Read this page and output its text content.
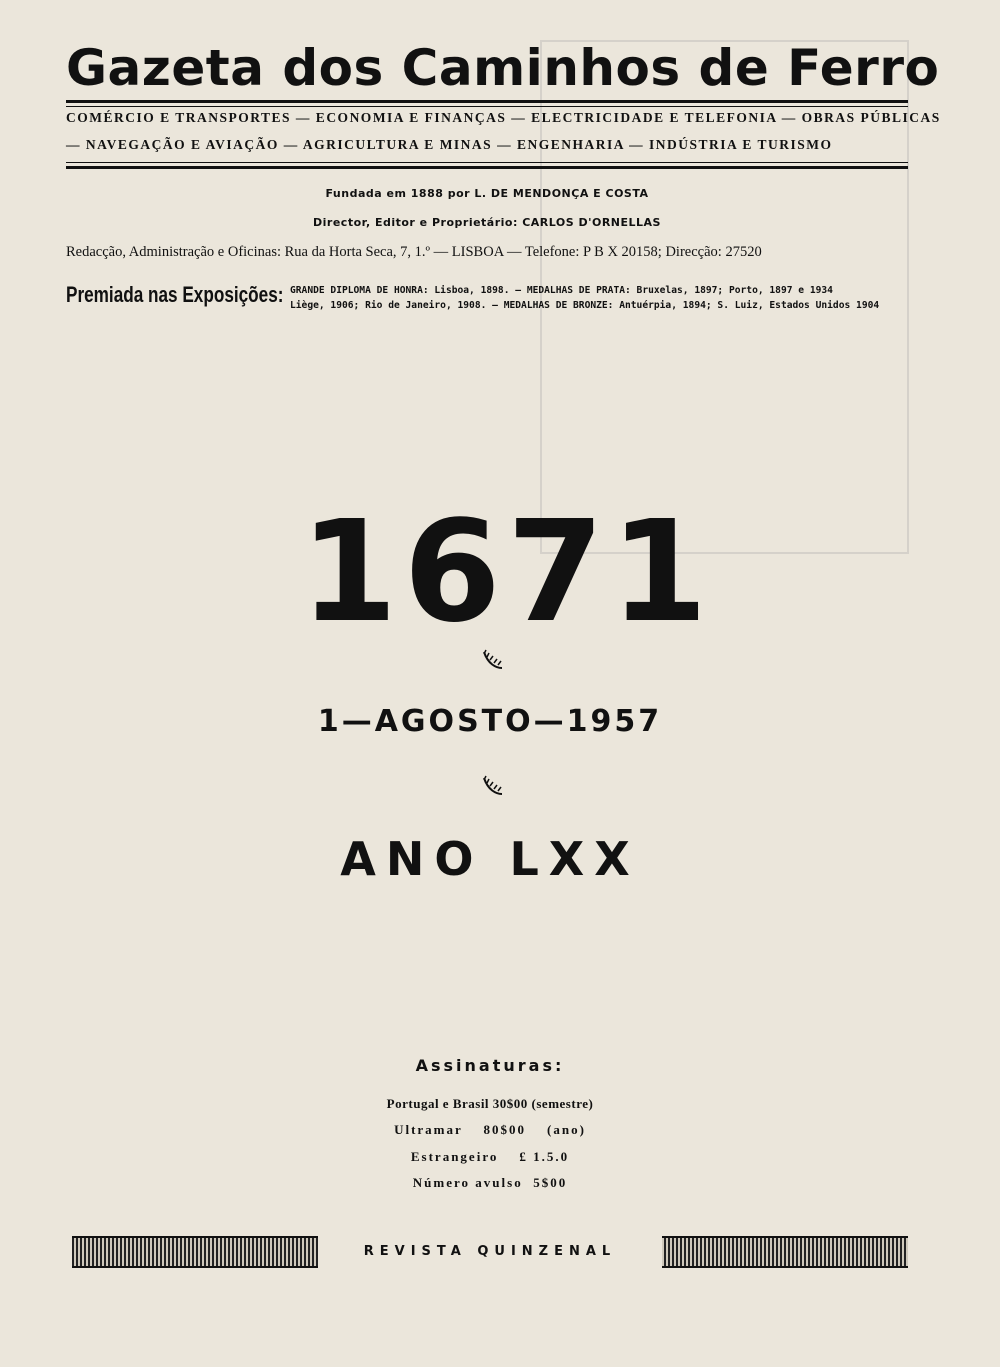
Gazeta dos Caminhos de Ferro
COMÉRCIO E TRANSPORTES — ECONOMIA E FINANÇAS — ELECTRICIDADE E TELEFONIA — OBRAS PÚBLICAS
— NAVEGAÇÃO E AVIAÇÃO — AGRICULTURA E MINAS — ENGENHARIA — INDÚSTRIA E TURISMO
Fundada em 1888 por L. DE MENDONÇA E COSTA
Director, Editor e Proprietário: CARLOS D'ORNELLAS
Redacção, Administração e Oficinas: Rua da Horta Seca, 7, 1.º — LISBOA — Telefone: P B X 20158; Direcção: 27520
Premiada nas Exposições: GRANDE DIPLOMA DE HONRA: Lisboa, 1898. — MEDALHAS DE PRATA: Bruxelas, 1897; Porto, 1897 e 1934
Liège, 1906; Rio de Janeiro, 1908. — MEDALHAS DE BRONZE: Antuérpia, 1894; S. Luiz, Estados Unidos 1904
1671
1—AGOSTO—1957
ANO LXX
Assinaturas:
Portugal e Brasil 30$00 (semestre)
Ultramar    80$00    (ano)
Estrangeiro    £ 1.5.0
Número avulso  5$00
REVISTA QUINZENAL
